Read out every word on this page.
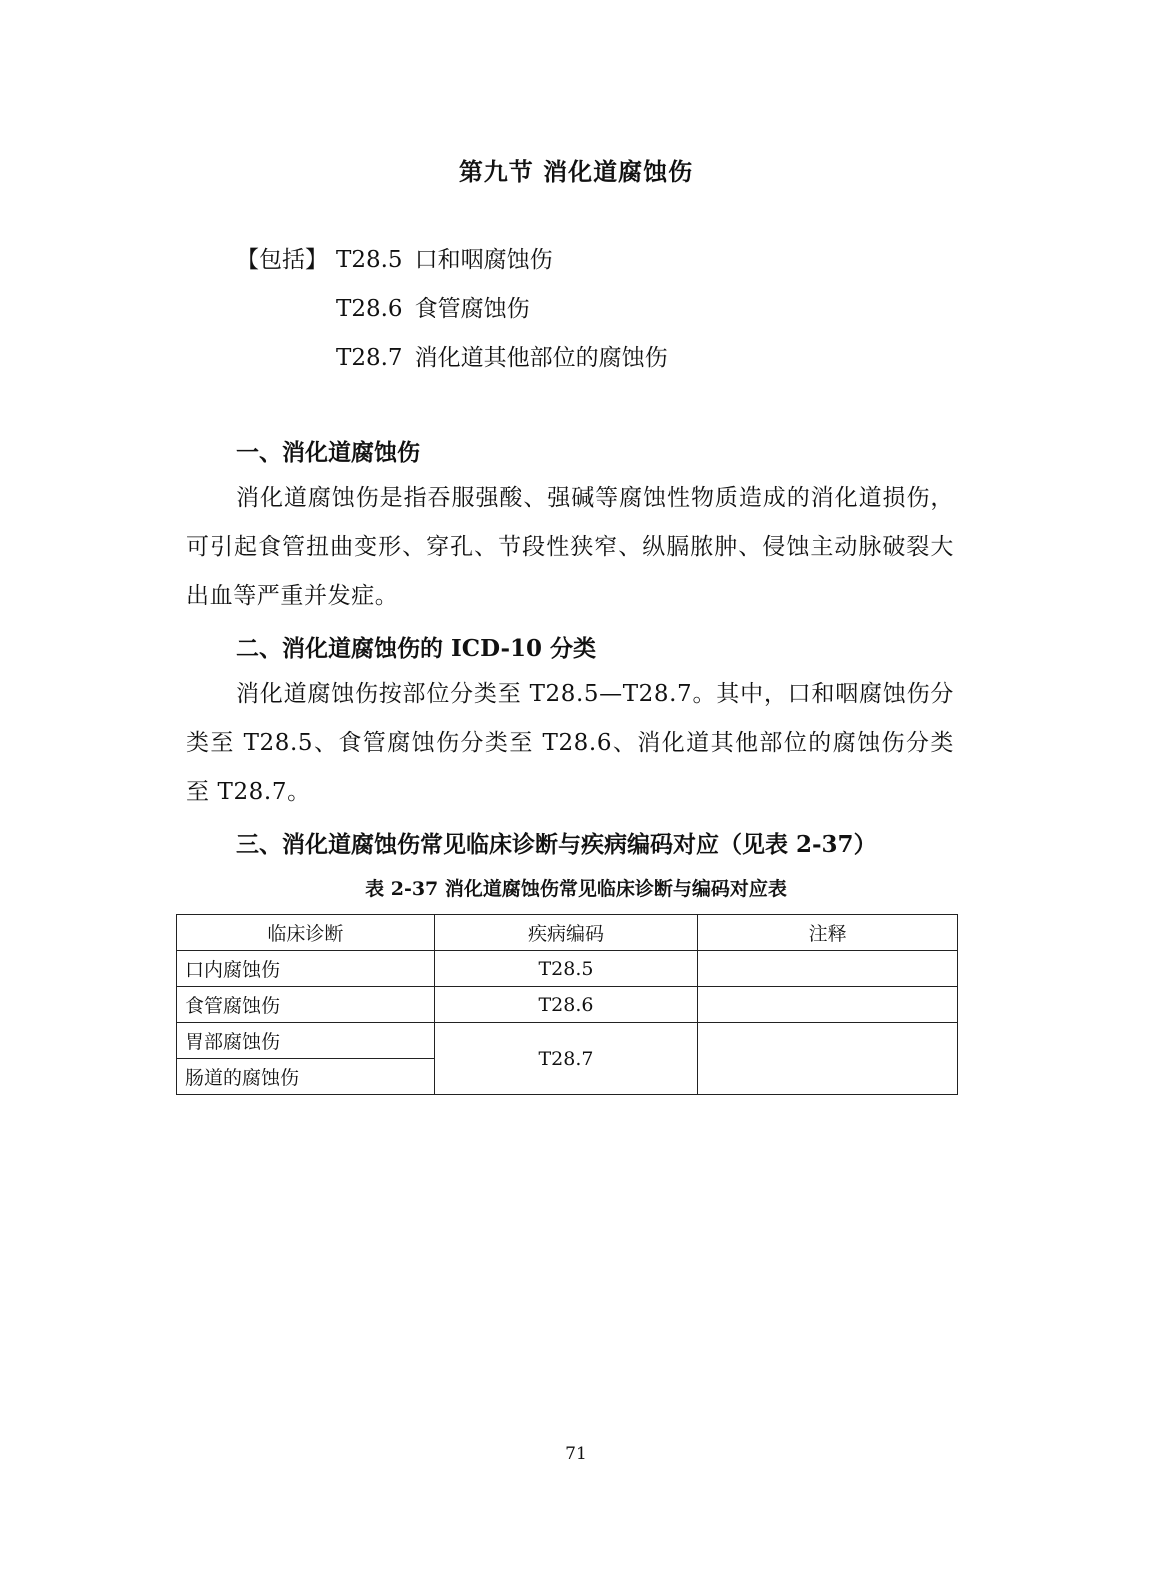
第九节 消化道腐蚀伤
【包括】 T28.5 口和咽腐蚀伤
T28.6 食管腐蚀伤
T28.7 消化道其他部位的腐蚀伤
一、消化道腐蚀伤
消化道腐蚀伤是指吞服强酸、强碱等腐蚀性物质造成的消化道损伤，可引起食管扭曲变形、穿孔、节段性狭窄、纵膈脓肿、侵蚀主动脉破裂大出血等严重并发症。
二、消化道腐蚀伤的 ICD-10 分类
消化道腐蚀伤按部位分类至 T28.5—T28.7。其中，口和咽腐蚀伤分类至 T28.5、食管腐蚀伤分类至 T28.6、消化道其他部位的腐蚀伤分类至 T28.7。
三、消化道腐蚀伤常见临床诊断与疾病编码对应（见表 2-37）
表 2-37 消化道腐蚀伤常见临床诊断与编码对应表
临床诊断	疾病编码	注释
口内腐蚀伤	T28.5	
食管腐蚀伤	T28.6	
胃部腐蚀伤	T28.7	
肠道的腐蚀伤		
71
